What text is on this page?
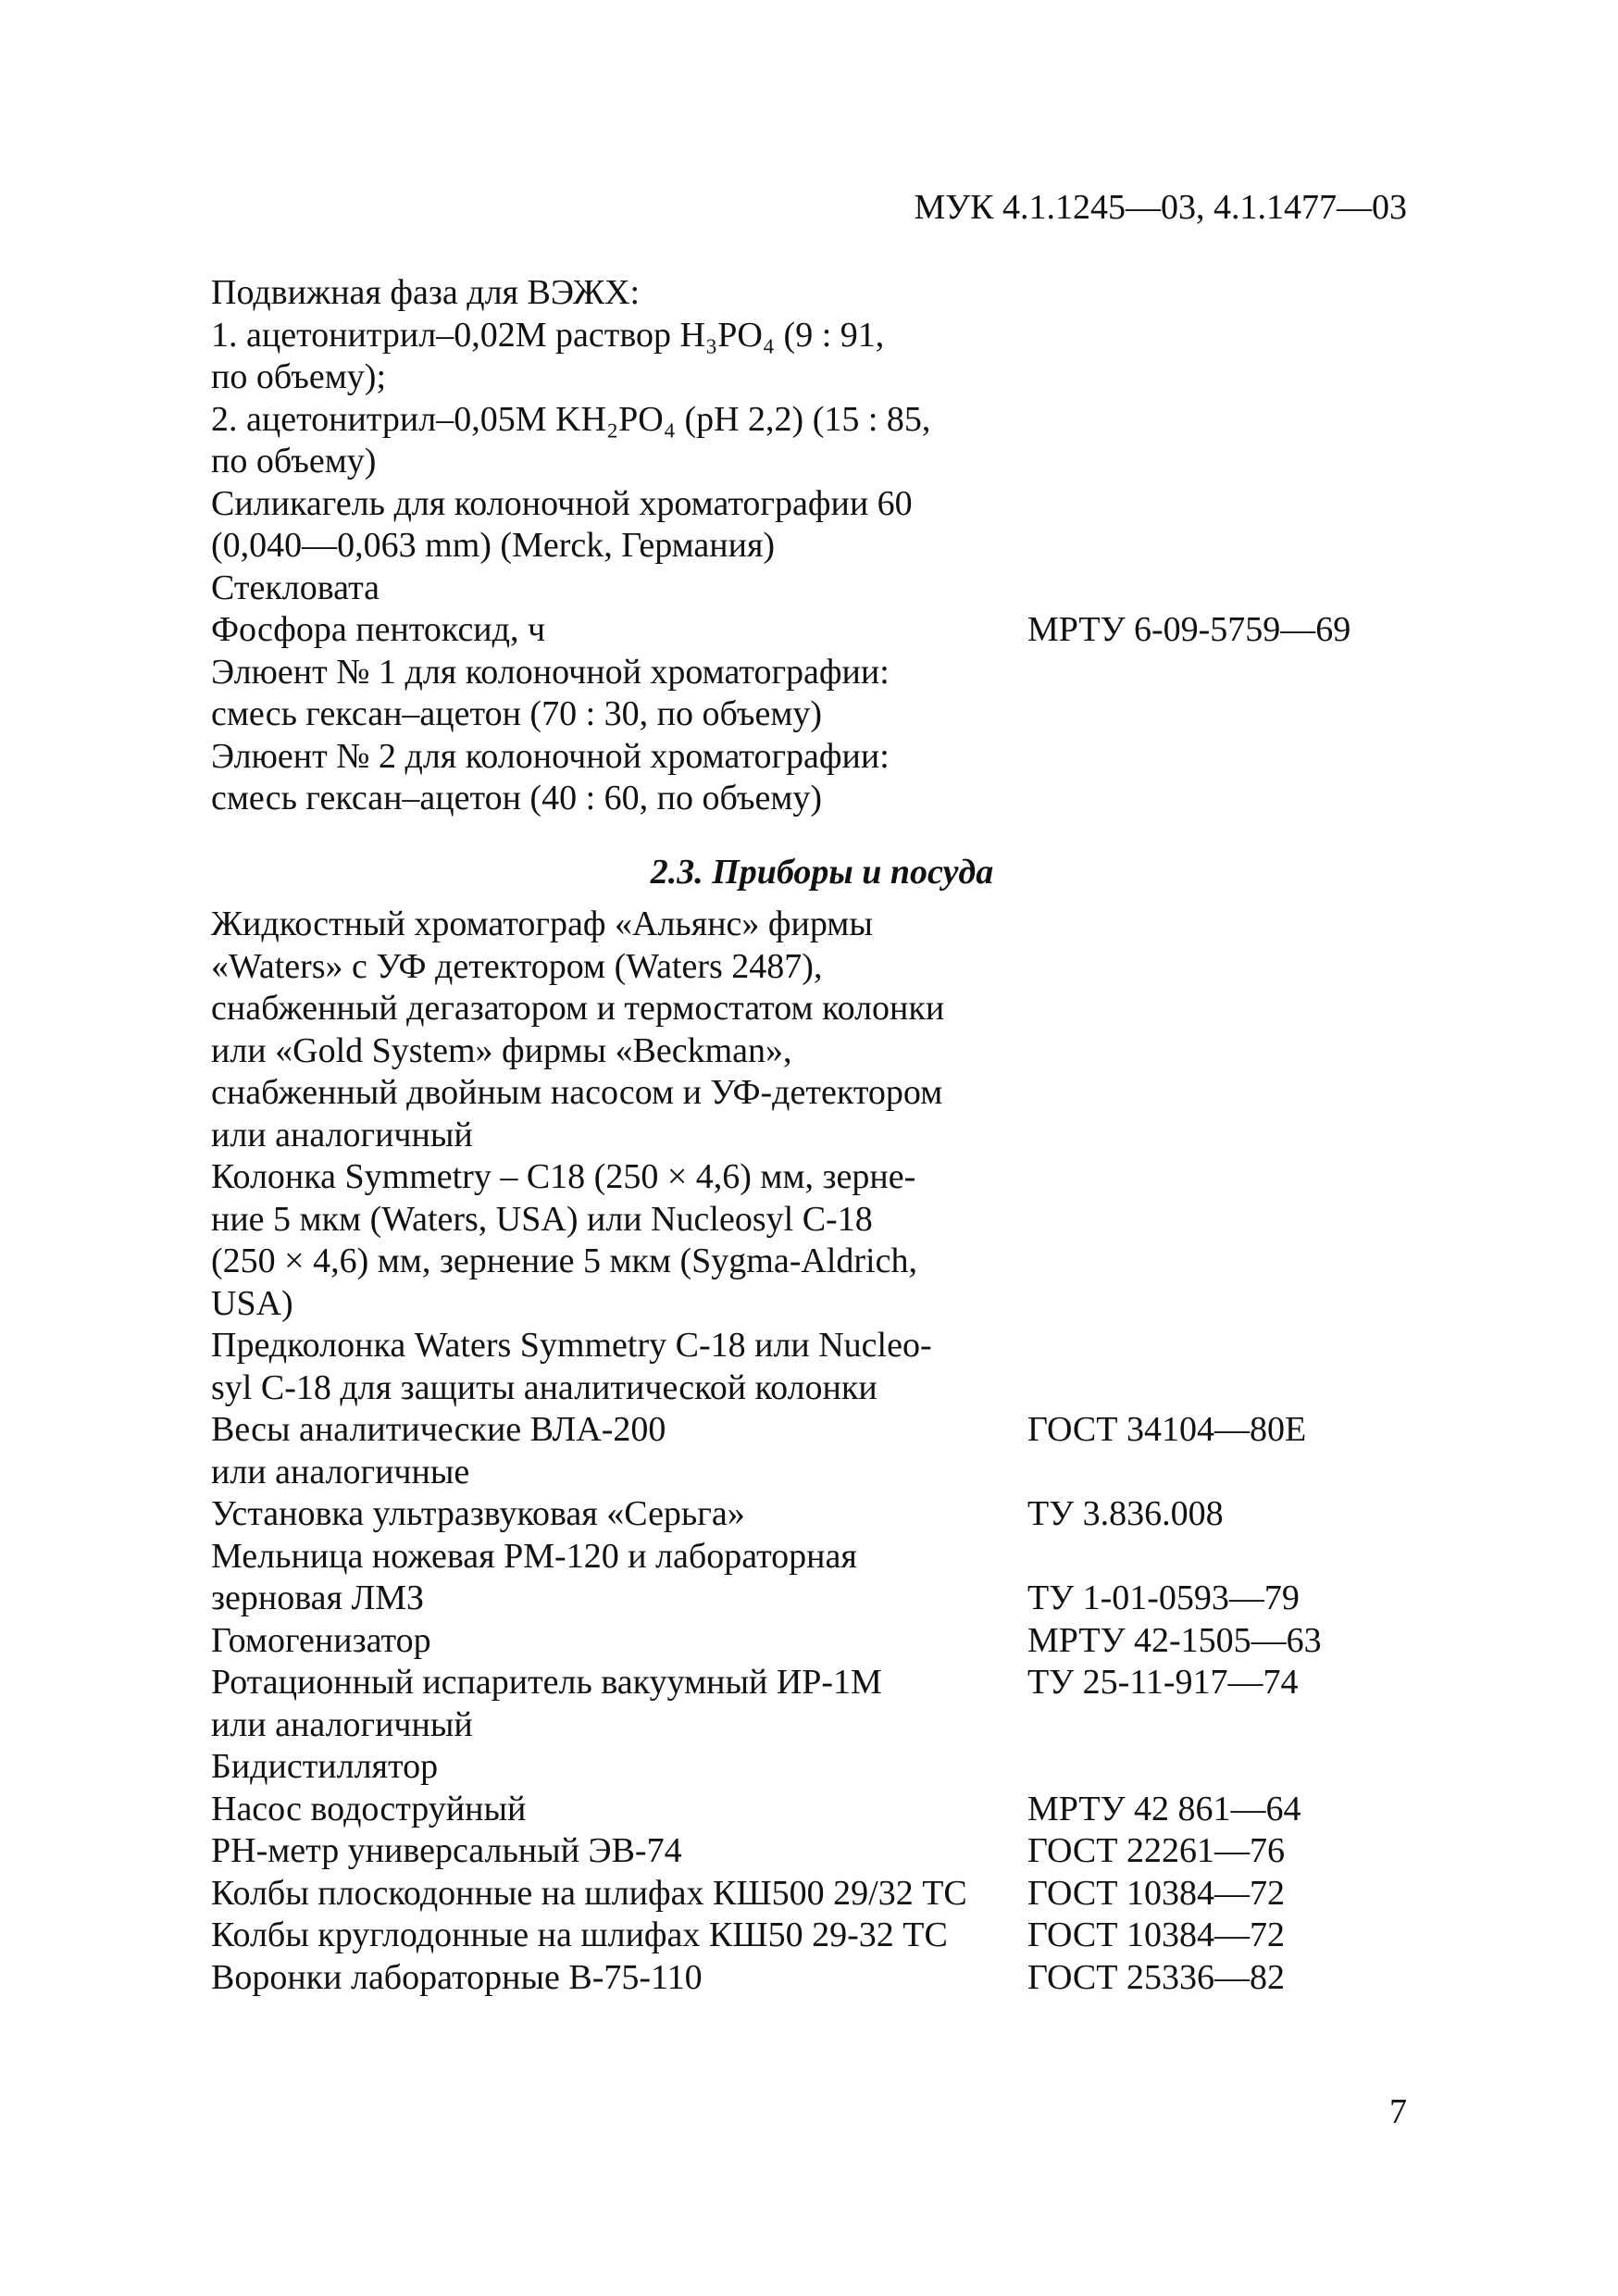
МУК 4.1.1245—03, 4.1.1477—03
Подвижная фаза для ВЭЖХ:
1. ацетонитрил–0,02М раствор H₃PO₄ (9 : 91,
по объему);
2. ацетонитрил–0,05М KH₂PO₄ (pH 2,2) (15 : 85,
по объему)
Силикагель для колоночной хроматографии 60
(0,040—0,063 mm) (Merck, Германия)
Стекловата
Фосфора пентоксид, ч	МРТУ 6-09-5759—69
Элюент № 1 для колоночной хроматографии:
смесь гексан–ацетон (70 : 30, по объему)
Элюент № 2 для колоночной хроматографии:
смесь гексан–ацетон (40 : 60, по объему)
2.3. Приборы и посуда
Жидкостный хроматограф «Альянс» фирмы
«Waters» с УФ детектором (Waters 2487),
снабженный дегазатором и термостатом колонки
или «Gold System» фирмы «Beckman»,
снабженный двойным насосом и УФ-детектором
или аналогичный
Колонка Symmetry – C18 (250 × 4,6) мм, зерне-
ние 5 мкм (Waters, USA) или Nucleosyl C-18
(250 × 4,6) мм, зернение 5 мкм (Sygma-Aldrich,
USA)
Предколонка Waters Symmetry C-18 или Nucleo-
syl C-18 для защиты аналитической колонки
Весы аналитические ВЛА-200	ГОСТ 34104—80Е
или аналогичные
Установка ультразвуковая «Серьга»	ТУ 3.836.008
Мельница ножевая РМ-120 и лабораторная
зерновая ЛМЗ	ТУ 1-01-0593—79
Гомогенизатор	МРТУ 42-1505—63
Ротационный испаритель вакуумный ИР-1М	ТУ 25-11-917—74
или аналогичный
Бидистиллятор
Насос водоструйный	МРТУ 42 861—64
РН-метр универсальный ЭВ-74	ГОСТ 22261—76
Колбы плоскодонные на шлифах КШ500 29/32 ТС ГОСТ 10384—72
Колбы круглодонные на шлифах КШ50 29-32 ТС ГОСТ 10384—72
Воронки лабораторные В-75-110	ГОСТ 25336—82
7
